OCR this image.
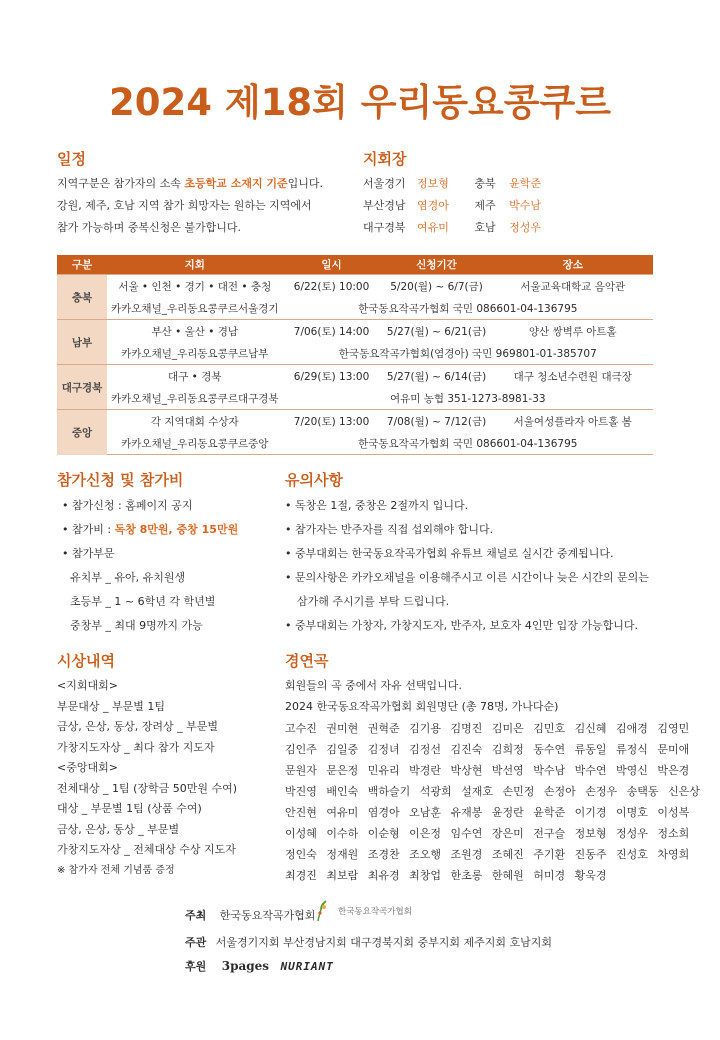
2024 제18회 우리동요콩쿠르
일정
지역구분은 참가자의 소속 초등학교 소재지 기준입니다.
강원, 제주, 호남 지역 참가 희망자는 원하는 지역에서
참가 가능하며 중복신청은 불가합니다.
지회장
서울경기 정보형 충북 윤학준
부산경남 염경아 제주 박수남
대구경북 여유미 호남 정성우
구분	지회	일시	신청기간	장소
충북	서울 • 인천 • 경기 • 대전 • 충청	6/22(토) 10:00	5/20(월) ~ 6/7(금)	서울교육대학교 음악관
	카카오채널_우리동요콩쿠르서울경기	한국동요작곡가협회 국민 086601-04-136795		
남부	부산 • 울산 • 경남	7/06(토) 14:00	5/27(월) ~ 6/21(금)	양산 쌍벽루 아트홀
	카카오채널_우리동요콩쿠르남부	한국동요작곡가협회(염경아) 국민 969801-01-385707		
대구경북	대구 • 경북	6/29(토) 13:00	5/27(월) ~ 6/14(금)	대구 청소년수련원 대극장
	카카오채널_우리동요콩쿠르대구경북	여유미 농협 351-1273-8981-33		
중앙	각 지역대회 수상자	7/20(토) 13:00	7/08(월) ~ 7/12(금)	서울여성플라자 아트홀 봄
	카카오채널_우리동요콩쿠르중앙	한국동요작곡가협회 국민 086601-04-136795		
참가신청 및 참가비
• 참가신청 : 홈페이지 공지
• 참가비 : 독창 8만원, 중창 15만원
• 참가부문
유치부 _ 유아, 유치원생
초등부 _ 1 ~ 6학년 각 학년별
중창부 _ 최대 9명까지 가능
유의사항
• 독창은 1절, 중창은 2절까지 입니다.
• 참가자는 반주자를 직접 섭외해야 합니다.
• 중부대회는 한국동요작곡가협회 유튜브 채널로 실시간 중계됩니다.
• 문의사항은 카카오채널을 이용해주시고 이른 시간이나 늦은 시간의 문의는
삼가해 주시기를 부탁 드립니다.
• 중부대회는 가창자, 가창지도자, 반주자, 보호자 4인만 입장 가능합니다.
시상내역
<지회대회>
부문대상 _ 부문별 1팀
금상, 은상, 동상, 장려상 _ 부문별
가창지도자상 _ 최다 참가 지도자
<중앙대회>
전체대상 _ 1팀 (장학금 50만원 수여)
대상 _ 부문별 1팀 (상품 수여)
금상, 은상, 동상 _ 부문별
가창지도자상 _ 전체대상 수상 지도자
※ 참가자 전체 기념품 증정
경연곡
회원들의 곡 중에서 자유 선택입니다.
2024 한국동요작곡가협회 회원명단 (총 78명, 가나다순)
고수진 권미현 권혁준 김기용 김명진 김미은 김민호 김신혜 김애경 김영민
김인주 김일중 김정녀 김정선 김진숙 김희정 동수연 류동일 류정식 문미애
문원자 문은정 민유리 박경란 박상현 박선영 박수남 박수연 박영신 박은경
박진영 배인숙 백하슬기 석광희 설재호 손민정 손정아 손정우 송택동 신은상
안진현 여유미 염경아 오남훈 유재봉 윤정란 윤학준 이기경 이명호 이성복
이성혜 이수하 이순형 이은정 임수연 장은미 전구슬 정보형 정성우 정소희
정인숙 정재원 조경찬 조오행 조원경 조혜진 주기환 진동주 진성호 차영희
최경진 최보람 최유경 최창업 한초롱 한혜원 허미경 황욱경
주최 한국동요작곡가협회	한국동요작곡가협회
주관 서울경기지회 부산경남지회 대구경북지회 중부지회 제주지회 호남지회
후원 3pages NURIANT
